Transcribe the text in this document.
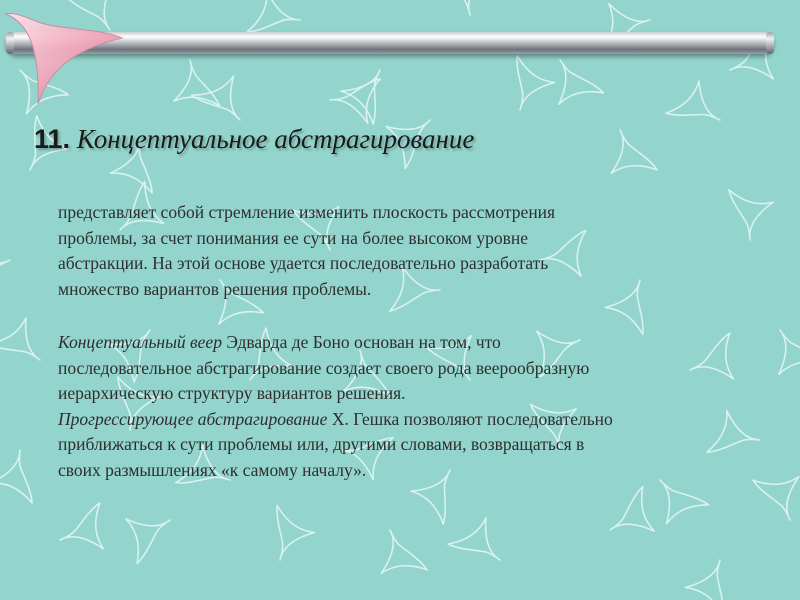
11. Концептуальное абстрагирование

представляет собой стремление изменить плоскость рассмотрения
проблемы, за счет понимания ее сути на более высоком уровне
абстракции. На этой основе удается последовательно разработать
множество вариантов решения проблемы.

Концептуальный веер Эдварда де Боно основан на том, что
последовательное абстрагирование создает своего рода веерообразную
иерархическую структуру вариантов решения.
Прогрессирующее абстрагирование Х. Гешка позволяют последовательно
приближаться к сути проблемы или, другими словами, возвращаться в
своих размышлениях «к самому началу».
